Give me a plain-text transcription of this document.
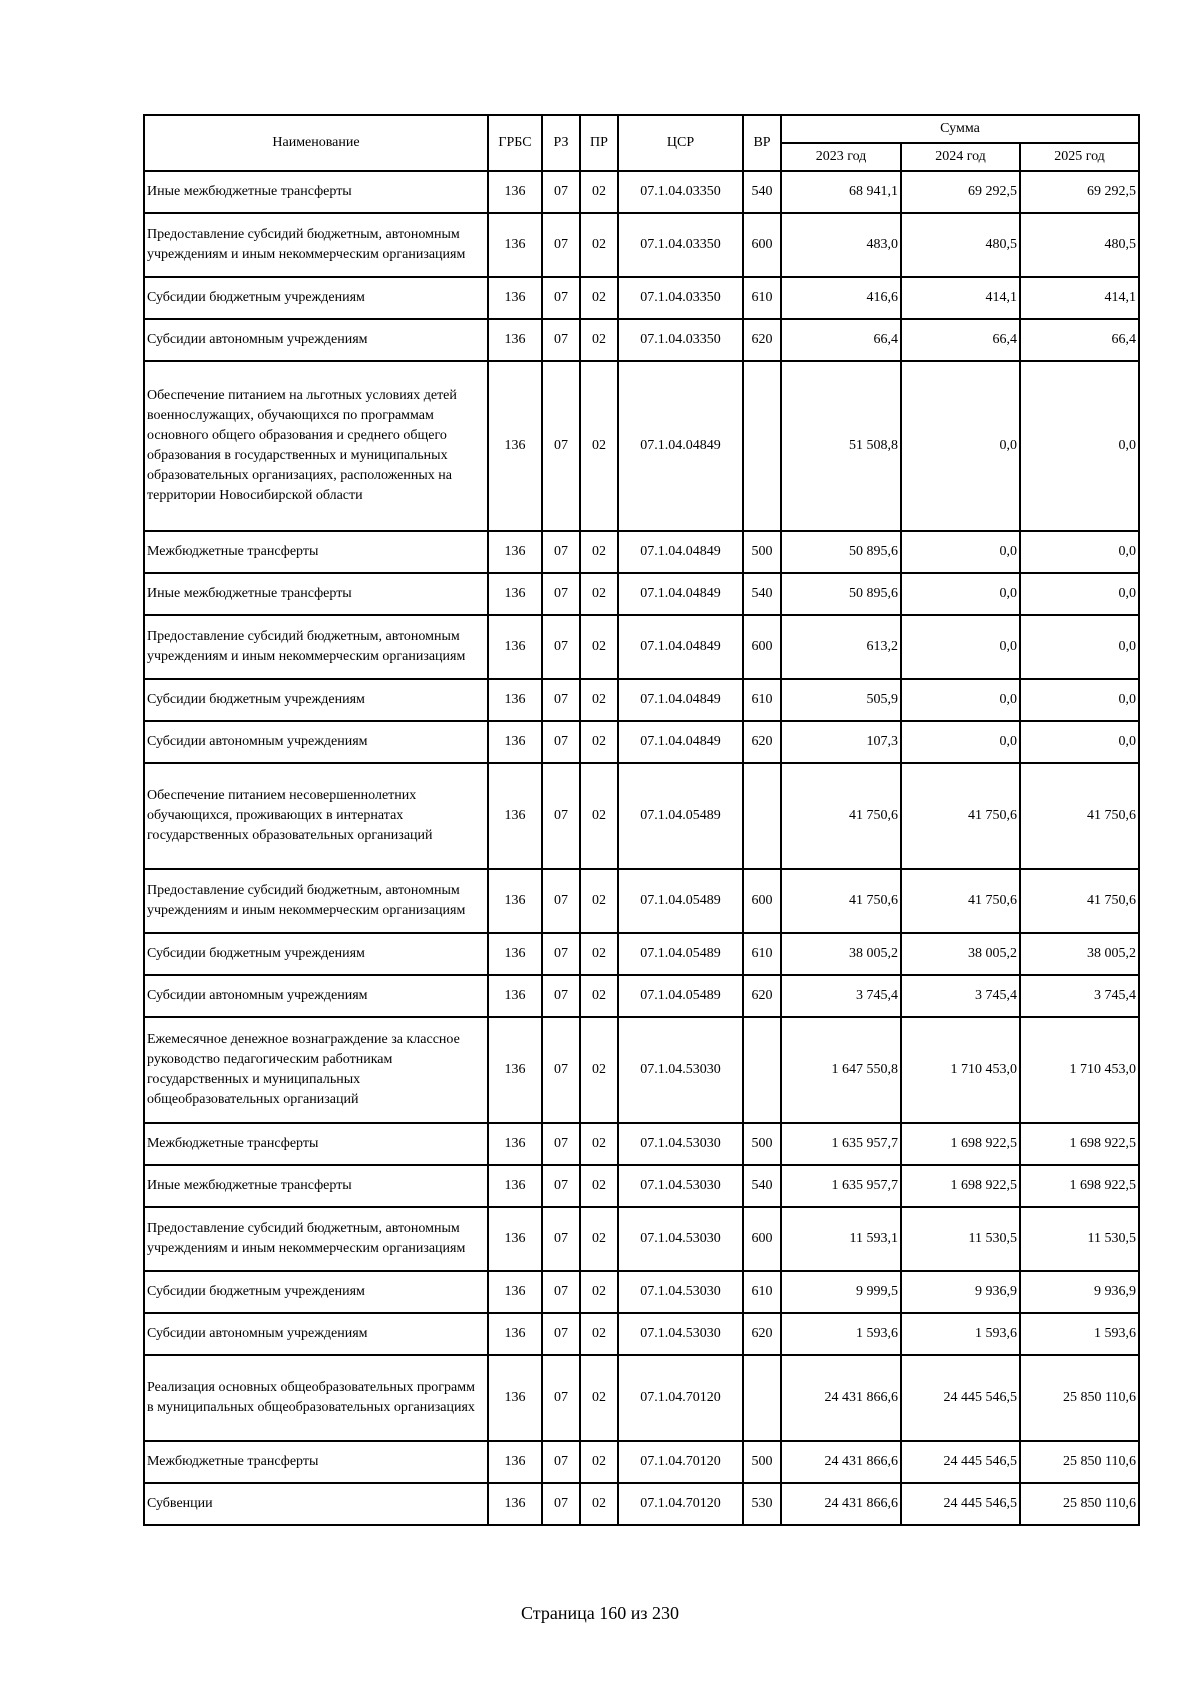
Наименование	ГРБС	РЗ	ПР	ЦСР	ВР	Сумма		
						2023 год	2024 год	2025 год
Иные межбюджетные трансферты	136	07	02	07.1.04.03350	540	68 941,1	69 292,5	69 292,5
Предоставление субсидий бюджетным, автономным учреждениям и иным некоммерческим организациям	136	07	02	07.1.04.03350	600	483,0	480,5	480,5
Субсидии бюджетным учреждениям	136	07	02	07.1.04.03350	610	416,6	414,1	414,1
Субсидии автономным учреждениям	136	07	02	07.1.04.03350	620	66,4	66,4	66,4
Обеспечение питанием на льготных условиях детей военнослужащих, обучающихся по программам основного общего образования и среднего общего образования в государственных и муниципальных образовательных организациях, расположенных на территории Новосибирской области	136	07	02	07.1.04.04849		51 508,8	0,0	0,0
Межбюджетные трансферты	136	07	02	07.1.04.04849	500	50 895,6	0,0	0,0
Иные межбюджетные трансферты	136	07	02	07.1.04.04849	540	50 895,6	0,0	0,0
Предоставление субсидий бюджетным, автономным учреждениям и иным некоммерческим организациям	136	07	02	07.1.04.04849	600	613,2	0,0	0,0
Субсидии бюджетным учреждениям	136	07	02	07.1.04.04849	610	505,9	0,0	0,0
Субсидии автономным учреждениям	136	07	02	07.1.04.04849	620	107,3	0,0	0,0
Обеспечение питанием несовершеннолетних обучающихся, проживающих в интернатах государственных образовательных организаций	136	07	02	07.1.04.05489		41 750,6	41 750,6	41 750,6
Предоставление субсидий бюджетным, автономным учреждениям и иным некоммерческим организациям	136	07	02	07.1.04.05489	600	41 750,6	41 750,6	41 750,6
Субсидии бюджетным учреждениям	136	07	02	07.1.04.05489	610	38 005,2	38 005,2	38 005,2
Субсидии автономным учреждениям	136	07	02	07.1.04.05489	620	3 745,4	3 745,4	3 745,4
Ежемесячное денежное вознаграждение за классное руководство педагогическим работникам государственных и муниципальных общеобразовательных организаций	136	07	02	07.1.04.53030		1 647 550,8	1 710 453,0	1 710 453,0
Межбюджетные трансферты	136	07	02	07.1.04.53030	500	1 635 957,7	1 698 922,5	1 698 922,5
Иные межбюджетные трансферты	136	07	02	07.1.04.53030	540	1 635 957,7	1 698 922,5	1 698 922,5
Предоставление субсидий бюджетным, автономным учреждениям и иным некоммерческим организациям	136	07	02	07.1.04.53030	600	11 593,1	11 530,5	11 530,5
Субсидии бюджетным учреждениям	136	07	02	07.1.04.53030	610	9 999,5	9 936,9	9 936,9
Субсидии автономным учреждениям	136	07	02	07.1.04.53030	620	1 593,6	1 593,6	1 593,6
Реализация основных общеобразовательных программ в муниципальных общеобразовательных организациях	136	07	02	07.1.04.70120		24 431 866,6	24 445 546,5	25 850 110,6
Межбюджетные трансферты	136	07	02	07.1.04.70120	500	24 431 866,6	24 445 546,5	25 850 110,6
Субвенции	136	07	02	07.1.04.70120	530	24 431 866,6	24 445 546,5	25 850 110,6
Страница 160 из 230
